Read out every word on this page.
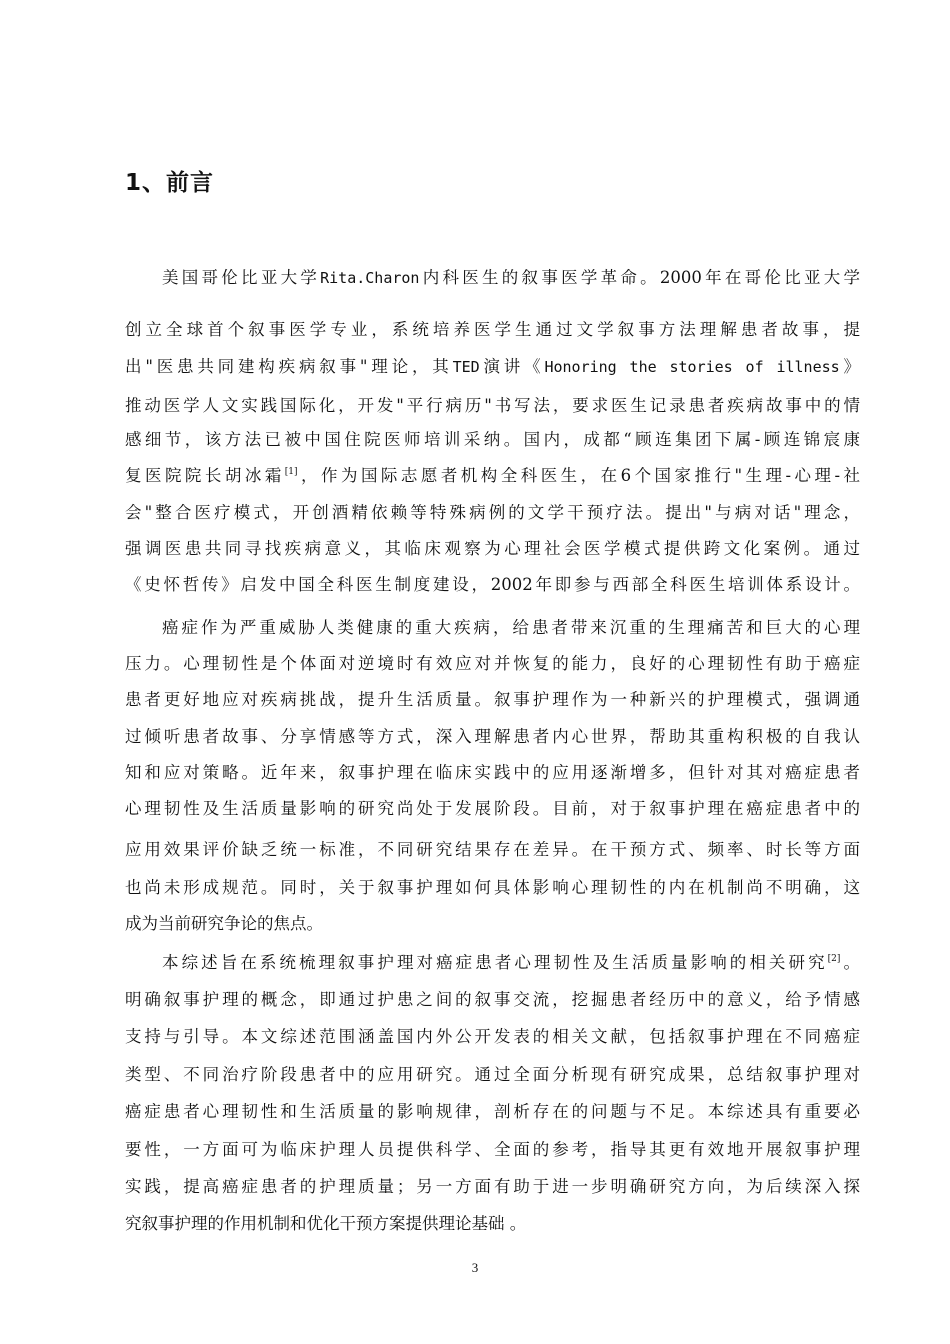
1、前言

美国哥伦比亚大学Rita.Charon内科医生的叙事医学革命。2000年在哥伦比亚大学

创立全球首个叙事医学专业，系统培养医学生通过文学叙事方法理解患者故事，提

出"医患共同建构疾病叙事"理论，其TED演讲《Honoring the stories of illness》

推动医学人文实践国际化，开发"平行病历"书写法，要求医生记录患者疾病故事中的情

感细节，该方法已被中国住院医师培训采纳。国内，成都“顾连集团下属-顾连锦宸康

复医院院长胡冰霜[1]，作为国际志愿者机构全科医生，在6个国家推行"生理-心理-社

会"整合医疗模式，开创酒精依赖等特殊病例的文学干预疗法。提出"与病对话"理念，

强调医患共同寻找疾病意义，其临床观察为心理社会医学模式提供跨文化案例。通过

《史怀哲传》启发中国全科医生制度建设，2002年即参与西部全科医生培训体系设计。

癌症作为严重威胁人类健康的重大疾病，给患者带来沉重的生理痛苦和巨大的心理

压力。心理韧性是个体面对逆境时有效应对并恢复的能力，良好的心理韧性有助于癌症

患者更好地应对疾病挑战，提升生活质量。叙事护理作为一种新兴的护理模式，强调通

过倾听患者故事、分享情感等方式，深入理解患者内心世界，帮助其重构积极的自我认

知和应对策略。近年来，叙事护理在临床实践中的应用逐渐增多，但针对其对癌症患者

心理韧性及生活质量影响的研究尚处于发展阶段。目前，对于叙事护理在癌症患者中的

应用效果评价缺乏统一标准，不同研究结果存在差异。在干预方式、频率、时长等方面

也尚未形成规范。同时，关于叙事护理如何具体影响心理韧性的内在机制尚不明确，这

成为当前研究争论的焦点。

本综述旨在系统梳理叙事护理对癌症患者心理韧性及生活质量影响的相关研究[2]。

明确叙事护理的概念，即通过护患之间的叙事交流，挖掘患者经历中的意义，给予情感

支持与引导。本文综述范围涵盖国内外公开发表的相关文献，包括叙事护理在不同癌症

类型、不同治疗阶段患者中的应用研究。通过全面分析现有研究成果，总结叙事护理对

癌症患者心理韧性和生活质量的影响规律，剖析存在的问题与不足。本综述具有重要必

要性，一方面可为临床护理人员提供科学、全面的参考，指导其更有效地开展叙事护理

实践，提高癌症患者的护理质量；另一方面有助于进一步明确研究方向，为后续深入探

究叙事护理的作用机制和优化干预方案提供理论基础 。

3
